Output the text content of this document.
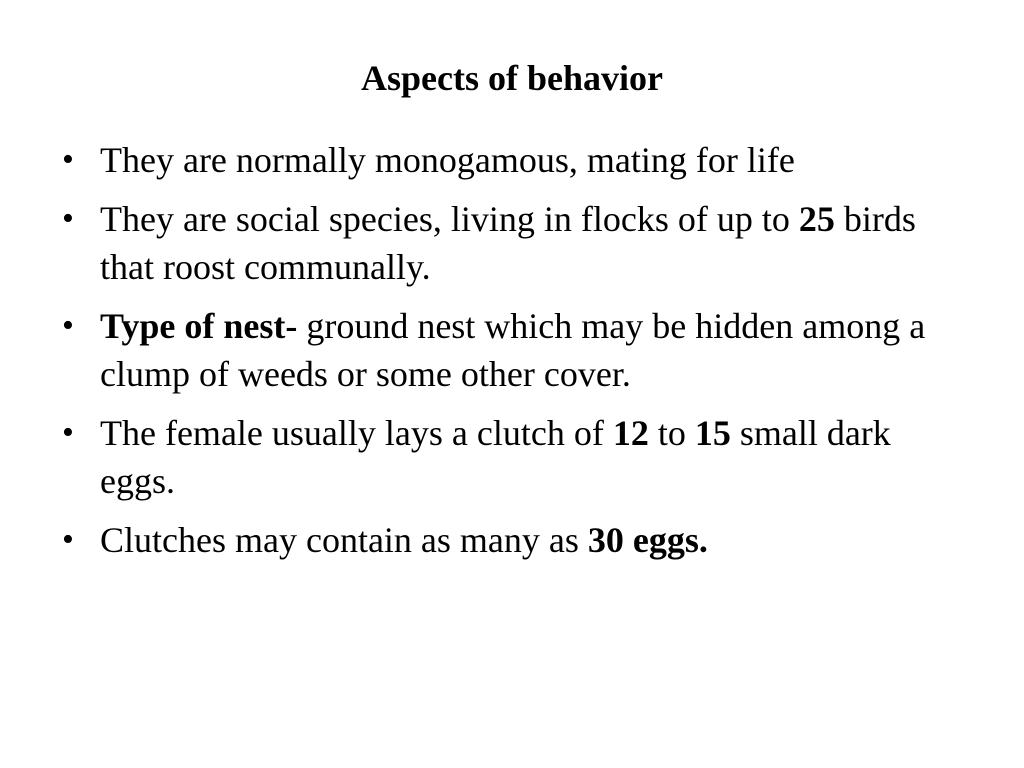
Aspects of behavior
• They are normally monogamous, mating for life
• They are social species, living in flocks of up to 25 birds that roost communally.
• Type of nest- ground nest which may be hidden among a clump of weeds or some other cover.
• The female usually lays a clutch of 12 to 15 small dark eggs.
• Clutches may contain as many as 30 eggs.
